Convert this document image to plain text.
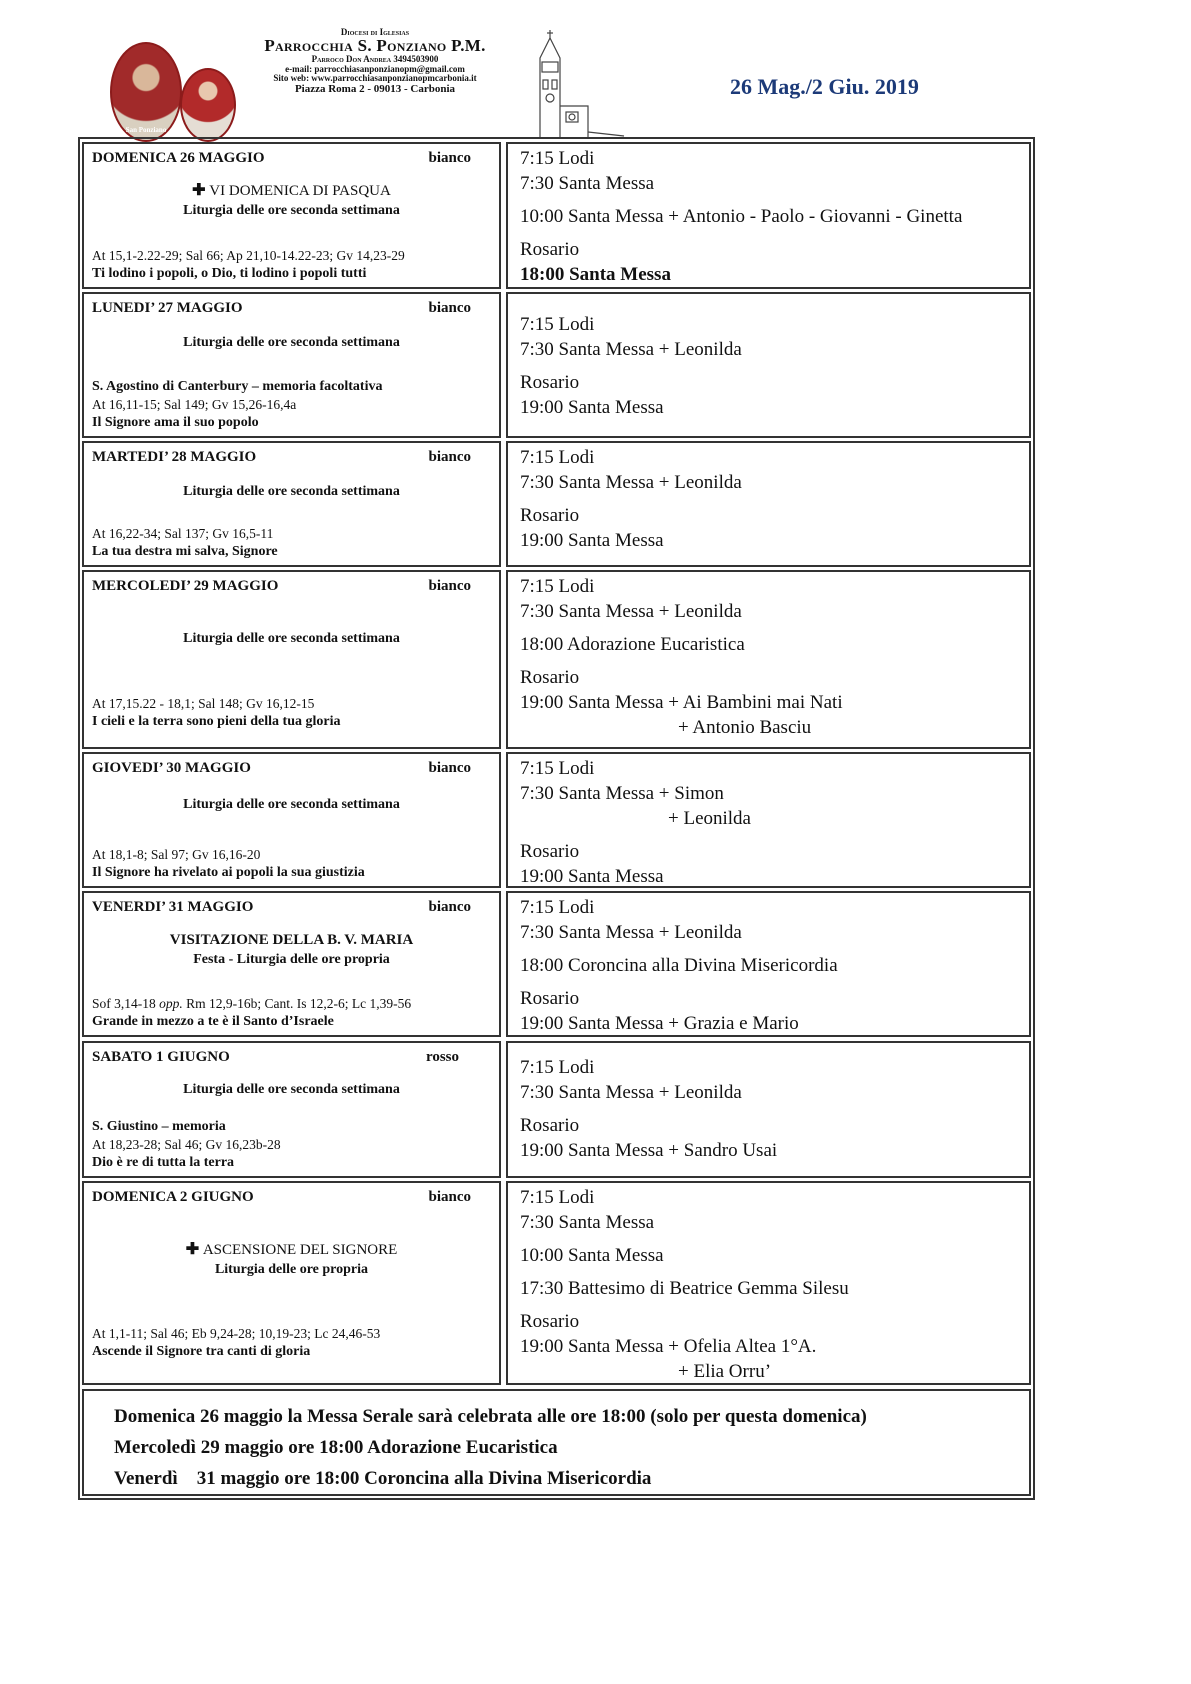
San Ponziano
Diocesi di Iglesias
Parrocchia S. Ponziano P.M.
Parroco Don Andrea 3494503900
e-mail: parrocchiasanponzianopm@gmail.com
Sito web: www.parrocchiasanponzianopmcarbonia.it
Piazza Roma 2 - 09013 - Carbonia	26 Mag./2 Giu. 2019
DOMENICA 26 MAGGIO	bianco
✚ VI DOMENICA DI PASQUA
Liturgia delle ore seconda settimana
At 15,1-2.22-29; Sal 66; Ap 21,10-14.22-23; Gv 14,23-29
Ti lodino i popoli, o Dio, ti lodino i popoli tutti
7:15 Lodi
7:30 Santa Messa
10:00 Santa Messa + Antonio - Paolo - Giovanni - Ginetta
Rosario
18:00 Santa Messa
LUNEDI’ 27 MAGGIO	bianco
Liturgia delle ore seconda settimana
S. Agostino di Canterbury – memoria facoltativa
At 16,11-15; Sal 149; Gv 15,26-16,4a
Il Signore ama il suo popolo
7:15 Lodi
7:30 Santa Messa + Leonilda
Rosario
19:00 Santa Messa
MARTEDI’ 28 MAGGIO	bianco
Liturgia delle ore seconda settimana
At 16,22-34; Sal 137; Gv 16,5-11
La tua destra mi salva, Signore
7:15 Lodi
7:30 Santa Messa + Leonilda
Rosario
19:00 Santa Messa
MERCOLEDI’ 29 MAGGIO	bianco
Liturgia delle ore seconda settimana
At 17,15.22 - 18,1; Sal 148; Gv 16,12-15
I cieli e la terra sono pieni della tua gloria
7:15 Lodi
7:30 Santa Messa + Leonilda
18:00 Adorazione Eucaristica
Rosario
19:00 Santa Messa + Ai Bambini mai Nati
+ Antonio Basciu
GIOVEDI’ 30 MAGGIO	bianco
Liturgia delle ore seconda settimana
At 18,1-8; Sal 97; Gv 16,16-20
Il Signore ha rivelato ai popoli la sua giustizia
7:15 Lodi
7:30 Santa Messa + Simon
+ Leonilda
Rosario
19:00 Santa Messa
VENERDI’ 31 MAGGIO	bianco
VISITAZIONE DELLA B. V. MARIA
Festa - Liturgia delle ore propria
Sof 3,14-18 opp. Rm 12,9-16b; Cant. Is 12,2-6; Lc 1,39-56
Grande in mezzo a te è il Santo d’Israele
7:15 Lodi
7:30 Santa Messa + Leonilda
18:00 Coroncina alla Divina Misericordia
Rosario
19:00 Santa Messa + Grazia e Mario
SABATO 1 GIUGNO	rosso
Liturgia delle ore seconda settimana
S. Giustino – memoria
At 18,23-28; Sal 46; Gv 16,23b-28
Dio è re di tutta la terra
7:15 Lodi
7:30 Santa Messa + Leonilda
Rosario
19:00 Santa Messa + Sandro Usai
DOMENICA 2 GIUGNO	bianco
✚ ASCENSIONE DEL SIGNORE
Liturgia delle ore propria
At 1,1-11; Sal 46; Eb 9,24-28; 10,19-23; Lc 24,46-53
Ascende il Signore tra canti di gloria
7:15 Lodi
7:30 Santa Messa
10:00 Santa Messa
17:30 Battesimo di Beatrice Gemma Silesu
Rosario
19:00 Santa Messa + Ofelia Altea 1°A.
+ Elia Orru’
Domenica 26 maggio la Messa Serale sarà celebrata alle ore 18:00 (solo per questa domenica)
Mercoledì 29 maggio ore 18:00 Adorazione Eucaristica
Venerdì    31 maggio ore 18:00 Coroncina alla Divina Misericordia
